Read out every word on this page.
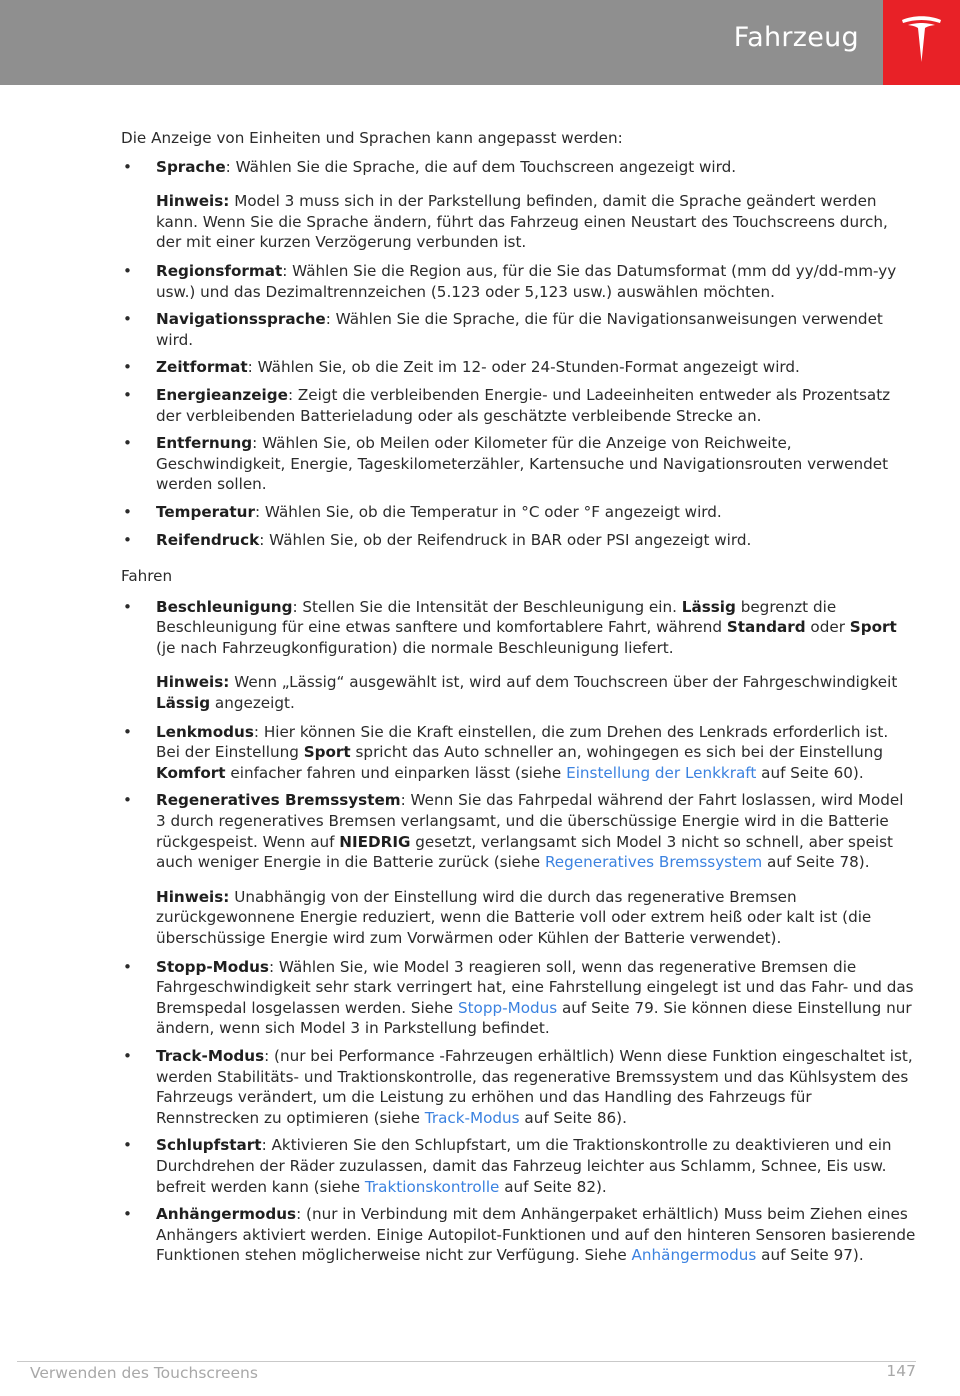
Fahrzeug

Die Anzeige von Einheiten und Sprachen kann angepasst werden:

• Sprache: Wählen Sie die Sprache, die auf dem Touchscreen angezeigt wird.
Hinweis: Model 3 muss sich in der Parkstellung befinden, damit die Sprache geändert werden kann. Wenn Sie die Sprache ändern, führt das Fahrzeug einen Neustart des Touchscreens durch, der mit einer kurzen Verzögerung verbunden ist.
• Regionsformat: Wählen Sie die Region aus, für die Sie das Datumsformat (mm dd yy/dd-mm-yy usw.) und das Dezimaltrennzeichen (5.123 oder 5,123 usw.) auswählen möchten.
• Navigationssprache: Wählen Sie die Sprache, die für die Navigationsanweisungen verwendet wird.
• Zeitformat: Wählen Sie, ob die Zeit im 12- oder 24-Stunden-Format angezeigt wird.
• Energieanzeige: Zeigt die verbleibenden Energie- und Ladeeinheiten entweder als Prozentsatz der verbleibenden Batterieladung oder als geschätzte verbleibende Strecke an.
• Entfernung: Wählen Sie, ob Meilen oder Kilometer für die Anzeige von Reichweite, Geschwindigkeit, Energie, Tageskilometerzähler, Kartensuche und Navigationsrouten verwendet werden sollen.
• Temperatur: Wählen Sie, ob die Temperatur in °C oder °F angezeigt wird.
• Reifendruck: Wählen Sie, ob der Reifendruck in BAR oder PSI angezeigt wird.

Fahren

• Beschleunigung: Stellen Sie die Intensität der Beschleunigung ein. Lässig begrenzt die Beschleunigung für eine etwas sanftere und komfortablere Fahrt, während Standard oder Sport (je nach Fahrzeugkonfiguration) die normale Beschleunigung liefert.
Hinweis: Wenn „Lässig“ ausgewählt ist, wird auf dem Touchscreen über der Fahrgeschwindigkeit Lässig angezeigt.
• Lenkmodus: Hier können Sie die Kraft einstellen, die zum Drehen des Lenkrads erforderlich ist. Bei der Einstellung Sport spricht das Auto schneller an, wohingegen es sich bei der Einstellung Komfort einfacher fahren und einparken lässt (siehe Einstellung der Lenkkraft auf Seite 60).
• Regeneratives Bremssystem: Wenn Sie das Fahrpedal während der Fahrt loslassen, wird Model 3 durch regeneratives Bremsen verlangsamt, und die überschüssige Energie wird in die Batterie rückgespeist. Wenn auf NIEDRIG gesetzt, verlangsamt sich Model 3 nicht so schnell, aber speist auch weniger Energie in die Batterie zurück (siehe Regeneratives Bremssystem auf Seite 78).
Hinweis: Unabhängig von der Einstellung wird die durch das regenerative Bremsen zurückgewonnene Energie reduziert, wenn die Batterie voll oder extrem heiß oder kalt ist (die überschüssige Energie wird zum Vorwärmen oder Kühlen der Batterie verwendet).
• Stopp-Modus: Wählen Sie, wie Model 3 reagieren soll, wenn das regenerative Bremsen die Fahrgeschwindigkeit sehr stark verringert hat, eine Fahrstellung eingelegt ist und das Fahr- und das Bremspedal losgelassen werden. Siehe Stopp-Modus auf Seite 79. Sie können diese Einstellung nur ändern, wenn sich Model 3 in Parkstellung befindet.
• Track-Modus: (nur bei Performance -Fahrzeugen erhältlich) Wenn diese Funktion eingeschaltet ist, werden Stabilitäts- und Traktionskontrolle, das regenerative Bremssystem und das Kühlsystem des Fahrzeugs verändert, um die Leistung zu erhöhen und das Handling des Fahrzeugs für Rennstrecken zu optimieren (siehe Track-Modus auf Seite 86).
• Schlupfstart: Aktivieren Sie den Schlupfstart, um die Traktionskontrolle zu deaktivieren und ein Durchdrehen der Räder zuzulassen, damit das Fahrzeug leichter aus Schlamm, Schnee, Eis usw. befreit werden kann (siehe Traktionskontrolle auf Seite 82).
• Anhängermodus: (nur in Verbindung mit dem Anhängerpaket erhältlich) Muss beim Ziehen eines Anhängers aktiviert werden. Einige Autopilot-Funktionen und auf den hinteren Sensoren basierende Funktionen stehen möglicherweise nicht zur Verfügung. Siehe Anhängermodus auf Seite 97).
Verwenden des Touchscreens	147
